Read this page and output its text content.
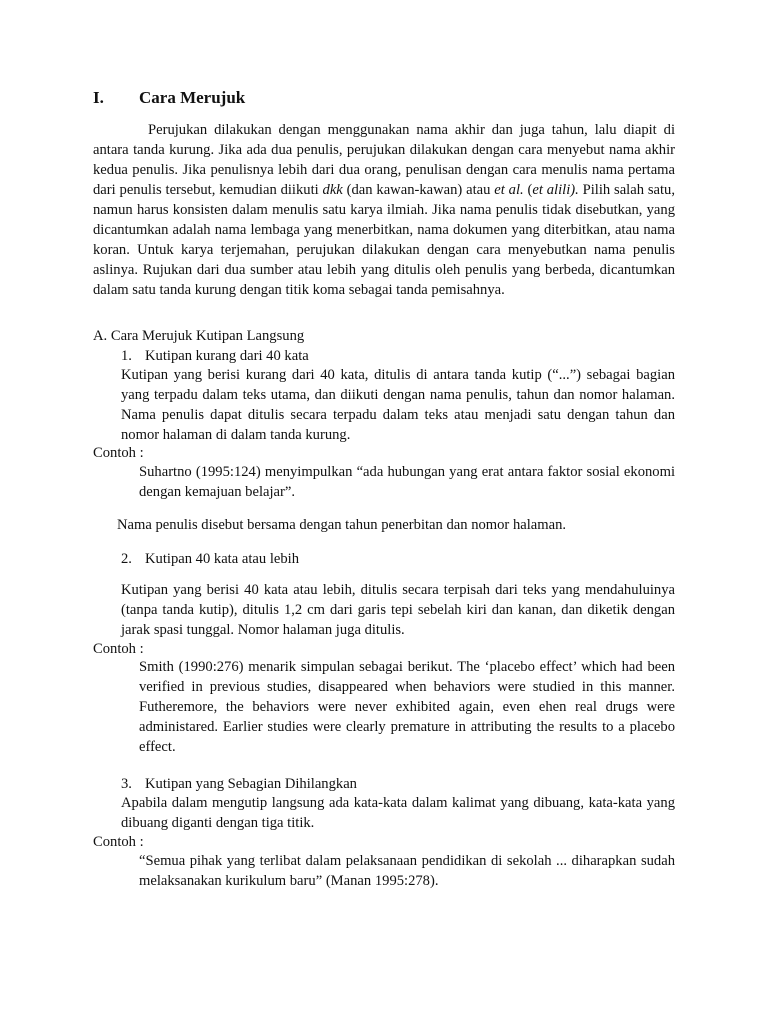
I. Cara Merujuk

Perujukan dilakukan dengan menggunakan nama akhir dan juga tahun, lalu diapit di antara tanda kurung. Jika ada dua penulis, perujukan dilakukan dengan cara menyebut nama akhir kedua penulis. Jika penulisnya lebih dari dua orang, penulisan dengan cara menulis nama pertama dari penulis tersebut, kemudian diikuti dkk (dan kawan-kawan) atau et al. (et alili). Pilih salah satu, namun harus konsisten dalam menulis satu karya ilmiah. Jika nama penulis tidak disebutkan, yang dicantumkan adalah nama lembaga yang menerbitkan, nama dokumen yang diterbitkan, atau nama koran. Untuk karya terjemahan, perujukan dilakukan dengan cara menyebutkan nama penulis aslinya. Rujukan dari dua sumber atau lebih yang ditulis oleh penulis yang berbeda, dicantumkan dalam satu tanda kurung dengan titik koma sebagai tanda pemisahnya.

A. Cara Merujuk Kutipan Langsung
1. Kutipan kurang dari 40 kata

Kutipan yang berisi kurang dari 40 kata, ditulis di antara tanda kutip (“...”) sebagai bagian yang terpadu dalam teks utama, dan diikuti dengan nama penulis, tahun dan nomor halaman. Nama penulis dapat ditulis secara terpadu dalam teks atau menjadi satu dengan tahun dan nomor halaman di dalam tanda kurung.

Contoh :

Suhartno (1995:124) menyimpulkan “ada hubungan yang erat antara faktor sosial ekonomi dengan kemajuan belajar”.

Nama penulis disebut bersama dengan tahun penerbitan dan nomor halaman.
2. Kutipan 40 kata atau lebih

Kutipan yang berisi 40 kata atau lebih, ditulis secara terpisah dari teks yang mendahuluinya (tanpa tanda kutip), ditulis 1,2 cm dari garis tepi sebelah kiri dan kanan, dan diketik dengan jarak spasi tunggal. Nomor halaman juga ditulis.

Contoh :

Smith (1990:276) menarik simpulan sebagai berikut. The ‘placebo effect’ which had been verified in previous studies, disappeared when behaviors were studied in this manner. Futheremore, the behaviors were never exhibited again, even ehen real drugs were administared. Earlier studies were clearly premature in attributing the results to a placebo effect.

3. Kutipan yang Sebagian Dihilangkan

Apabila dalam mengutip langsung ada kata-kata dalam kalimat yang dibuang, kata-kata yang dibuang diganti dengan tiga titik.

Contoh :

“Semua pihak yang terlibat dalam pelaksanaan pendidikan di sekolah ... diharapkan sudah melaksanakan kurikulum baru” (Manan 1995:278).
